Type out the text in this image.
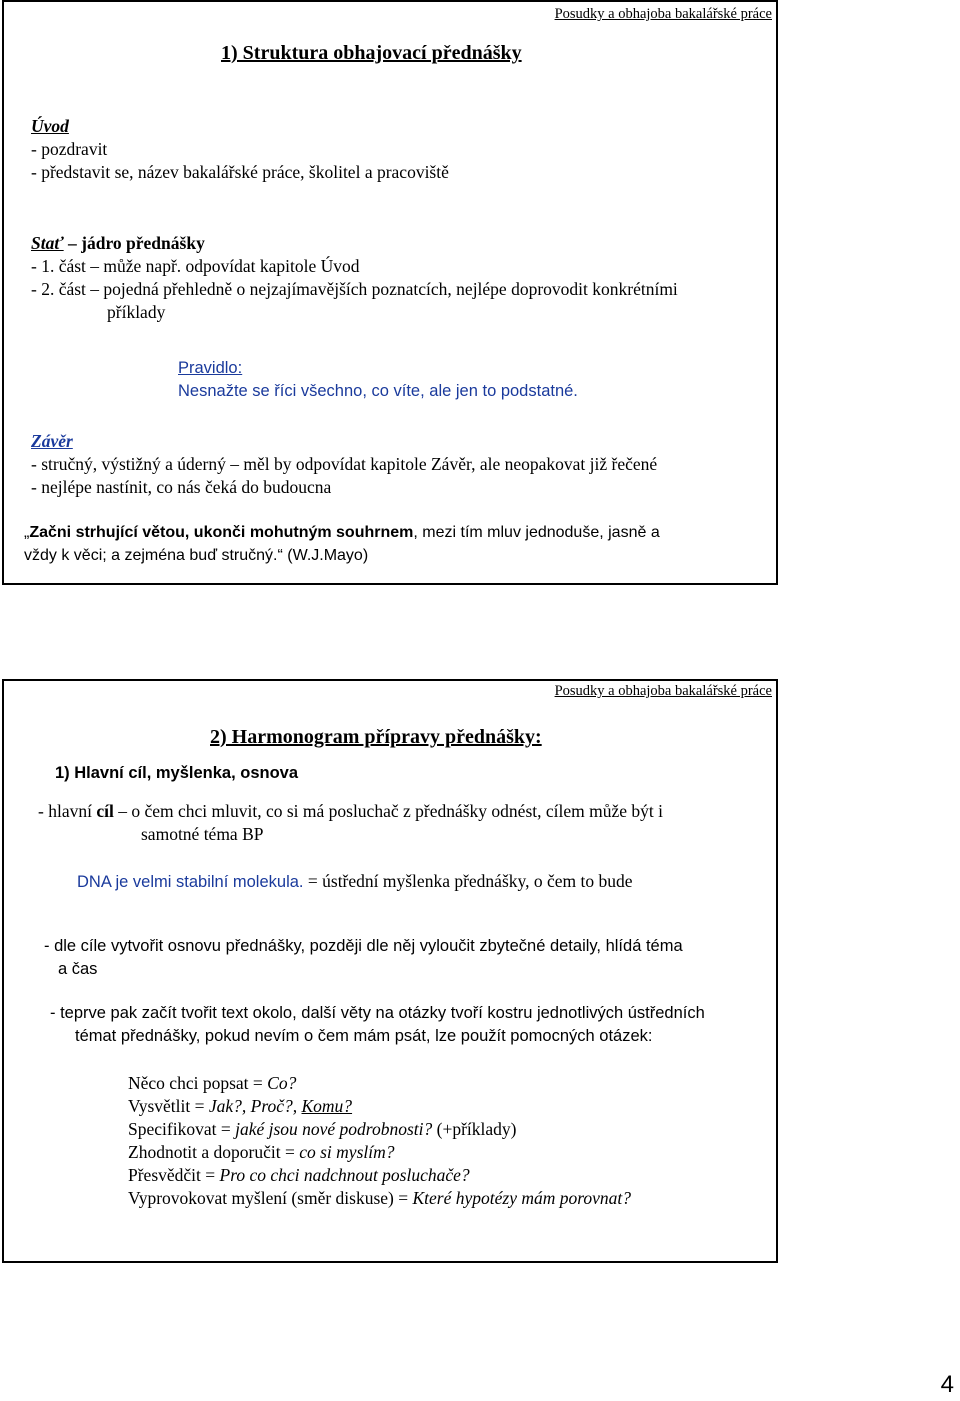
Posudky a obhajoba bakalářské práce
1) Struktura obhajovací přednášky
Úvod
- pozdravit
- představit se, název bakalářské práce, školitel a pracoviště
Stať – jádro přednášky
- 1. část – může např. odpovídat kapitole Úvod
- 2. část – pojedná přehledně o nejzajímavějších poznatcích, nejlépe doprovodit konkrétními
příklady
Pravidlo:
Nesnažte se říci všechno, co víte, ale jen to podstatné.
Závěr
- stručný, výstižný a úderný – měl by odpovídat kapitole Závěr, ale neopakovat již řečené
- nejlépe nastínit, co nás čeká do budoucna
„Začni strhující větou, ukonči mohutným souhrnem, mezi tím mluv jednoduše, jasně a
vždy k věci; a zejména buď stručný.“ (W.J.Mayo)
Posudky a obhajoba bakalářské práce
2) Harmonogram přípravy přednášky:
1) Hlavní cíl, myšlenka, osnova
- hlavní cíl – o čem chci mluvit, co si má posluchač z přednášky odnést, cílem může být i
samotné téma BP
DNA je velmi stabilní molekula. = ústřední myšlenka přednášky, o čem to bude
- dle cíle vytvořit osnovu přednášky, později dle něj vyloučit zbytečné detaily, hlídá téma
a čas
- teprve pak začít tvořit text okolo, další věty na otázky tvoří kostru jednotlivých ústředních
témat přednášky, pokud nevím o čem mám psát, lze použít pomocných otázek:
Něco chci popsat = Co?
Vysvětlit = Jak?, Proč?, Komu?
Specifikovat = jaké jsou nové podrobnosti? (+příklady)
Zhodnotit a doporučit = co si myslím?
Přesvědčit = Pro co chci nadchnout posluchače?
Vyprovokovat myšlení (směr diskuse) = Které hypotézy mám porovnat?
4
